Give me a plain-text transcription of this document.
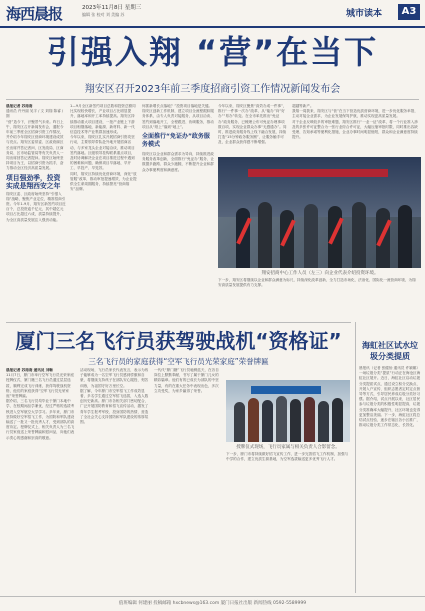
海西晨报	2023年11月8日 星期三
编辑 张 校对 刘 美编 苏	城市读本	A3
引强入翔 “营”在当下
翔安区召开2023年前三季度招商引资工作情况新闻发布会
晨报记者 苏南南
通讯员 许丹丽 吴宇 / 文 刘翔 陈睿 / 图
“营”造今下，汗聚景气未来。昨日上午，翔安区召开新闻发布会，通报今年前三季度全区招商引资工作情况，并介绍今年翔安区营商环境建设成效与亮点。翔安区委常委、区政府副区长出席并答记者问，区发改局、区商务局、区市场监管局等有关负责人一同出席回答记者提问。翔安区始终坚持项目为王，以招商引资为抓手，奋力推动全区经济高质量发展。
项目强劲季，投资实成是翔西安之年
翔安区委、区政府始终坚持“引强入翔”战略，聚焦产业定位，精准招商引资。今年1-9月，翔安区新签约项目近百个，总投资逾千亿元，其中超亿元项目占比超过六成，质量持续提升，为全区高质量发展注入强劲动能。
1—9月全区新签约项目总数和投资总额同比实现较快增长，产业项目占比明显提升，落地率和开工率持续提高。翔安区持续推动重大项目建设，一批产业链上下游项目相继落地，新能源、新材料、新一代信息技术等产业集群加速形成。
今年以来，翔安区扎实开展招商引资攻坚行动，主要领导带队赴外地开展招商活动，与多家龙头企业对接洽谈，推动项目签约落地。区级领导挂钩联系重点项目，及时协调解决企业在项目推进过程中遇到的困难和问题，确保项目早落地、早开工、早投产、早见效。
同时，翔安区持续优化营商环境，深化“放管服”改革，推动审批提速增效，为企业提供全生命周期服务，持续擦亮“营商翔安”品牌。
何抓新增长点落地？”投资项目落地是关键。翔安区创新工作机制，建立项目全流程跟踪服务体系，由专人负责对接服务，从项目洽谈、签约到落地开工，全程跟进、协调服务，推动项目从“纸上”落到“地上”。
全面推行“免证办”政务服务模式
翔安区以企业和群众需求为导向，持续推进政务服务改革创新，全面推行“免证办”服务，让数据多跑路、群众少跑腿，不断提升企业和群众办事便利度和满意度。
今年以来，翔安区聚焦“高效办成一件事”，推行“一件事一次办”改革，从“能办”向“好办”“易办”转变。在全市率先推出“免证办”政务服务，已梳理公布可免证办理事项数百项，实现企业群众办事“无感通办”。同时，推进政务服务线上线下融合发展，持续打造“15分钟政务服务圈”，让服务触手可及，企业群众获得感不断增强。
超越等新产。
我翔一周我来，翔安区与“营”在当下营造优质营商环境，进一步优化服务举措，主动对接企业需求，为企业发展保驾护航，推动实现更高质量发展。
对于企业反映较多的审批难题，翔安区推行“一业一证”改革，将一个行业准入涉及的多张许可证整合为一张行业综合许可证，大幅压缩审批时限，同时推出容缺受理、告知承诺等便利化措施，企业办事时间明显缩短，群众和企业满意度持续提升。
翔安招商中心工作人员（左三）向企业代表介绍投资环境。
下一步，翔安区将继续以企业和群众满意为标尺，持续深化改革创新，全力打造市场化、法治化、国际化一流营商环境，为翔安高质量发展提供有力支撑。
厦门三名飞行员获驾驶战机“资格证”
三名飞行员的家庭获得“空军飞行员光荣家庭”荣誉牌匾
晨报记者 苏南南 通讯员 刘畅
11月7日，厦门市举行空军飞行员光荣家庭授牌仪式，厦门籍三名飞行员通过层层选拔，顺利完成飞行训练，获得驾驶战机资格，他们的家庭获得“空军飞行员光荣家庭”荣誉牌匾。
据介绍，三名飞行员均毕业于厦门本地中学，在校期间品学兼优，经过严格的选拔考核进入空军航空大学学习。多年来，厦门市坚持做好空军招飞工作，为国防和军队建设输送了一批又一批优秀人才，受到部队的高度肯定。授牌仪式上，相关负责人为三名飞行员家庭送上荣誉牌匾和慰问品，向他们表示衷心的感谢和崇高的敬意。
活动现场，飞行员家长代表发言，表示为孩子能够成为一名空军飞行员感到骄傲和自豪，将继续支持孩子在部队安心服役、刻苦训练，为祖国守好万里长空。
据了解，今年厦门市空军招飞工作成效显著，多名学生通过空军招飞选拔，入选人数创历史新高。厦门市各相关部门密切配合，广泛开展国防教育和招飞宣传活动，激发了青年学生报考军校、投身国防的热情，营造了全社会关心支持国防和军队建设的浓厚氛围。
一代代“厦门籍”飞行员驰骋蓝天，在各自岗位上默默奉献，书写了属于厦门儿女的精彩篇章。他们有的已成长为部队的中坚力量，有的在重大任务中表现出色，多次立功受奖，为家乡赢得了荣誉。
授牌仪式现场，飞行员家属与相关负责人合影留念。
下一步，厦门市将持续做好招飞宣传工作，进一步完善招飞工作机制，加强与中学的合作，建立优质生源基地，为空军选拔输送更多优秀飞行人才。
海虹社区试水垃圾分类提质
晨报讯（记者 张健怡 通讯员 许颖娜）一场垃圾分类“提质”行动正在海沧区海虹社区展开。近日，海虹社区启动垃圾分类提质试点，通过设立积分兑换点、开展入户宣传、组织志愿者定时定点督导等方式，引导居民养成垃圾分类好习惯。据介绍，试点开展以来，社区居民参与垃圾分类的积极性明显提高，垃圾分类准确率大幅提升，社区环境也变得更加整洁美丽。下一步，海虹社区将总结试点经验，逐步在辖区各小区推广，推动垃圾分类工作常态化、长效化。
值班编辑 何建丽 投稿邮箱 hxcbnews@163.com 厦门日报社出版 新闻热线 0592-5589999
